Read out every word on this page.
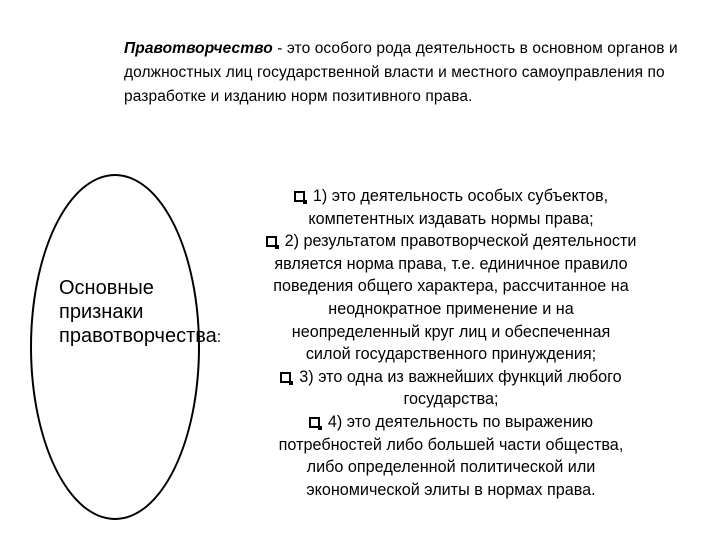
Правотворчество - это особого рода деятельность в основном органов и должностных лиц государственной власти и местного самоуправления по разработке и изданию норм позитивного права.
Основные признаки правотворчества:
1) это деятельность особых субъектов,
компетентных издавать нормы права;
2) результатом правотворческой деятельности
является норма права, т.е. единичное правило
поведения общего характера, рассчитанное на
неоднократное применение и на
неопределенный круг лиц и обеспеченная
силой государственного принуждения;
3) это одна из важнейших функций любого
государства;
4) это деятельность по выражению
потребностей либо большей части общества,
либо определенной политической или
экономической элиты в нормах права.
